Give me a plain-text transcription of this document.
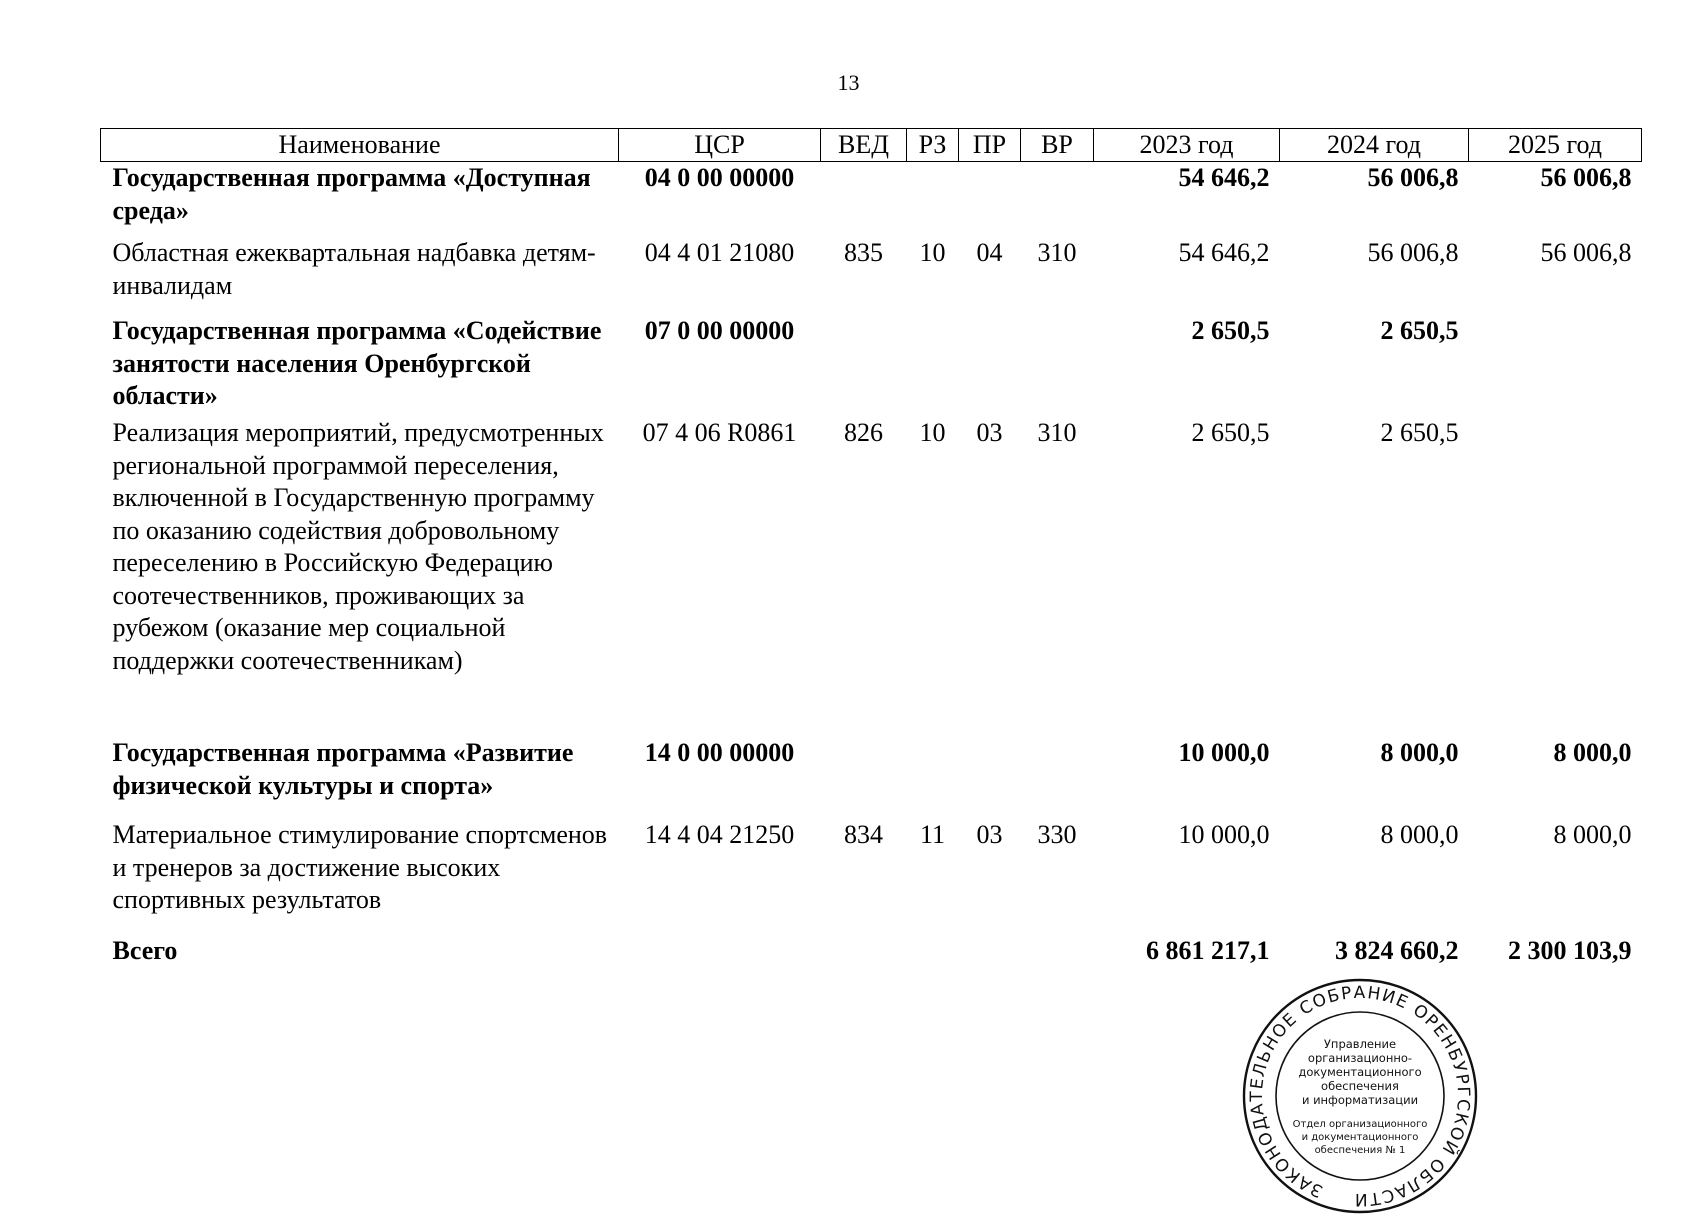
13
Наименование	ЦСР	ВЕД	РЗ	ПР	ВР	2023 год	2024 год	2025 год
Государственная программа «Доступная среда»	04 0 00 00000					54 646,2	56 006,8	56 006,8
Областная ежеквартальная надбавка детям-инвалидам	04 4 01 21080	835	10	04	310	54 646,2	56 006,8	56 006,8
Государственная программа «Содействие занятости населения Оренбургской области»	07 0 00 00000					2 650,5	2 650,5	
Реализация мероприятий, предусмотренных региональной программой переселения, включенной в Государственную программу по оказанию содействия добровольному переселению в Российскую Федерацию соотечественников, проживающих за рубежом (оказание мер социальной поддержки соотечественникам)	07 4 06 R0861	826	10	03	310	2 650,5	2 650,5	
Государственная программа «Развитие физической культуры и спорта»	14 0 00 00000					10 000,0	8 000,0	8 000,0
Материальное стимулирование спортсменов и тренеров за достижение высоких спортивных результатов	14 4 04 21250	834	11	03	330	10 000,0	8 000,0	8 000,0
Всего						6 861 217,1	3 824 660,2	2 300 103,9
ЗАКОНОДАТЕЛЬНОЕ СОБРАНИЕ ОРЕНБУРГСКОЙ ОБЛАСТИ
Управление
организационно-
документационного
обеспечения
и информатизации
Отдел организационного
и документационного
обеспечения № 1
